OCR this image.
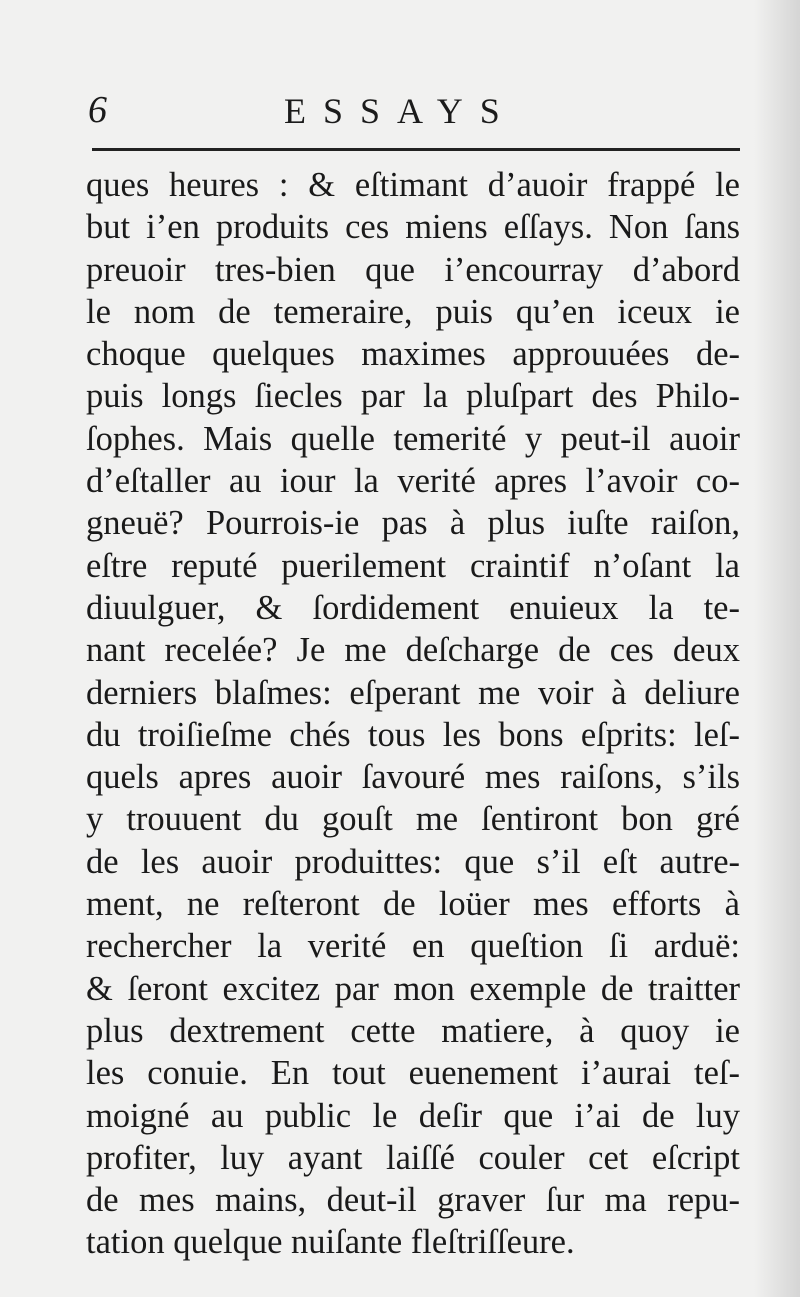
6	ESSAYS
ques heures : & eſtimant d’auoir frappé le
but i’en produits ces miens eſſays. Non ſans
preuoir tres-bien que i’encourray d’abord
le nom de temeraire, puis qu’en iceux ie
choque quelques maximes approuuées de-
puis longs ſiecles par la pluſpart des Philo-
ſophes. Mais quelle temerité y peut-il auoir
d’eſtaller au iour la verité apres l’avoir co-
gneuë? Pourrois-ie pas à plus iuſte raiſon,
eſtre reputé puerilement craintif n’oſant la
diuulguer, & ſordidement enuieux la te-
nant recelée? Je me deſcharge de ces deux
derniers blaſmes: eſperant me voir à deliure
du troiſieſme chés tous les bons eſprits: leſ-
quels apres auoir ſavouré mes raiſons, s’ils
y trouuent du gouſt me ſentiront bon gré
de les auoir produittes: que s’il eſt autre-
ment, ne reſteront de loüer mes efforts à
rechercher la verité en queſtion ſi arduë:
& ſeront excitez par mon exemple de traitter
plus dextrement cette matiere, à quoy ie
les conuie. En tout euenement i’aurai teſ-
moigné au public le deſir que i’ai de luy
profiter, luy ayant laiſſé couler cet eſcript
de mes mains, deut-il graver ſur ma repu-
tation quelque nuiſante fleſtriſſeure.
